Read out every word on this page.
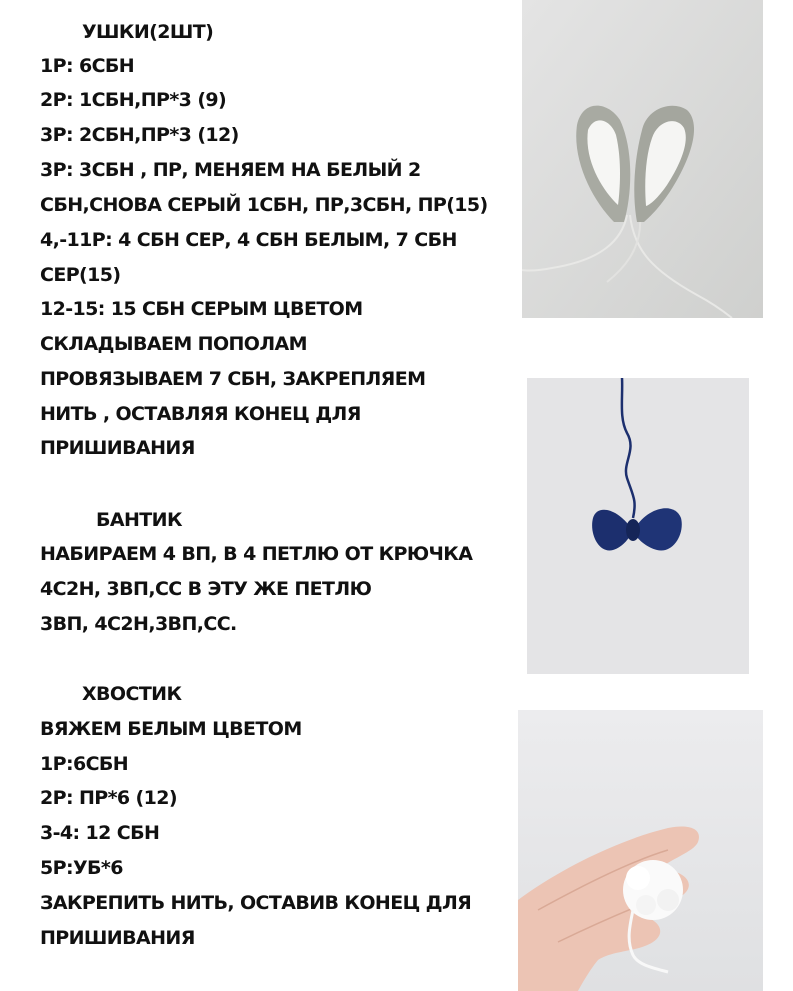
УШКИ(2ШТ)
1Р: 6СБН
2Р: 1СБН,ПР*3 (9)
3Р: 2СБН,ПР*3 (12)
3Р: 3СБН , ПР, МЕНЯЕМ НА БЕЛЫЙ 2
СБН,СНОВА СЕРЫЙ 1СБН, ПР,3СБН, ПР(15)
4,-11Р: 4 СБН СЕР, 4 СБН БЕЛЫМ, 7 СБН
СЕР(15)
12-15: 15 СБН СЕРЫМ ЦВЕТОМ
СКЛАДЫВАЕМ ПОПОЛАМ
ПРОВЯЗЫВАЕМ 7 СБН, ЗАКРЕПЛЯЕМ
НИТЬ , ОСТАВЛЯЯ КОНЕЦ ДЛЯ
ПРИШИВАНИЯ
БАНТИК
НАБИРАЕМ 4 ВП, В 4 ПЕТЛЮ ОТ КРЮЧКА
4С2Н, 3ВП,СС В ЭТУ ЖЕ ПЕТЛЮ
3ВП, 4С2Н,3ВП,СС.
ХВОСТИК
ВЯЖЕМ БЕЛЫМ ЦВЕТОМ
1Р:6СБН
2Р: ПР*6 (12)
3-4: 12 СБН
5Р:УБ*6
ЗАКРЕПИТЬ НИТЬ, ОСТАВИВ КОНЕЦ ДЛЯ
ПРИШИВАНИЯ
